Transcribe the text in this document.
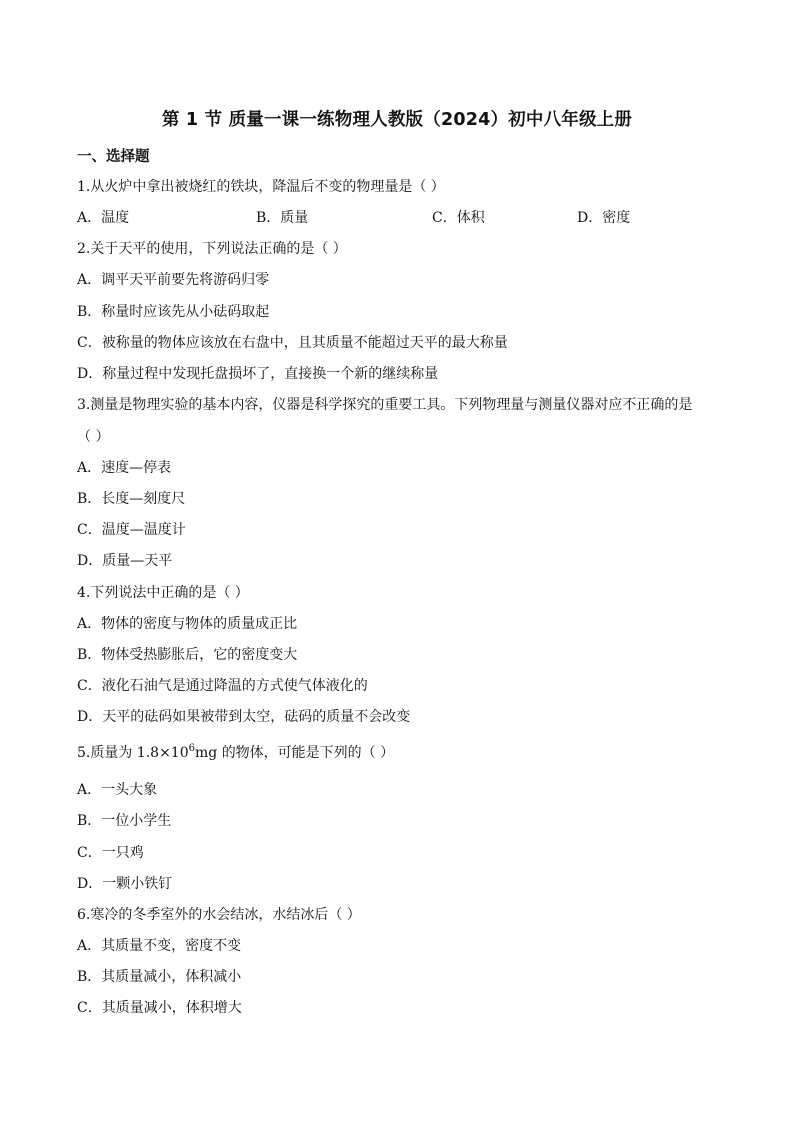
第 1 节 质量一课一练物理人教版（2024）初中八年级上册
一、选择题
1.从火炉中拿出被烧红的铁块，降温后不变的物理量是（ ）
A．温度	B．质量	C．体积	D．密度
2.关于天平的使用，下列说法正确的是（ ）
A．调平天平前要先将游码归零
B．称量时应该先从小砝码取起
C．被称量的物体应该放在右盘中，且其质量不能超过天平的最大称量
D．称量过程中发现托盘损坏了，直接换一个新的继续称量
3.测量是物理实验的基本内容，仪器是科学探究的重要工具。下列物理量与测量仪器对应不正确的是
（ ）
A．速度—停表
B．长度—刻度尺
C．温度—温度计
D．质量—天平
4.下列说法中正确的是（ ）
A．物体的密度与物体的质量成正比
B．物体受热膨胀后，它的密度变大
C．液化石油气是通过降温的方式使气体液化的
D．天平的砝码如果被带到太空，砝码的质量不会改变
5.质量为 $1.8\times 10^6mg$ 的物体，可能是下列的（ ）
A．一头大象
B．一位小学生
C．一只鸡
D．一颗小铁钉
6.寒冷的冬季室外的水会结冰，水结冰后（ ）
A．其质量不变，密度不变
B．其质量减小，体积减小
C．其质量减小，体积增大
